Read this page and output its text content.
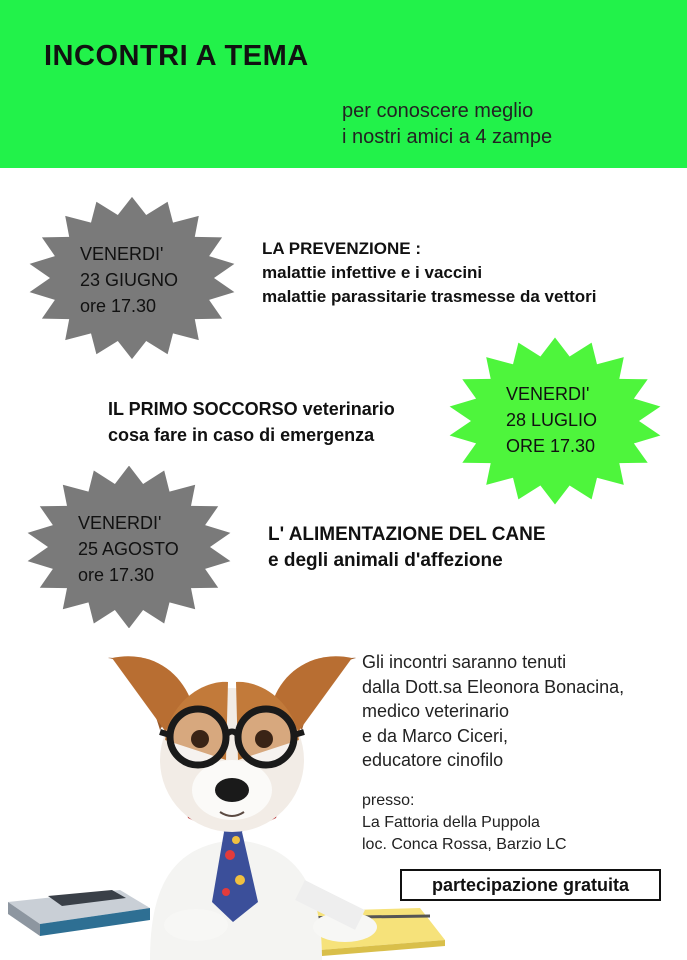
INCONTRI A TEMA
per conoscere meglio
i nostri amici a 4 zampe
VENERDI'
23 GIUGNO
ore 17.30
LA PREVENZIONE :
malattie infettive e i vaccini
malattie parassitarie trasmesse da vettori
IL PRIMO SOCCORSO veterinario
cosa fare in caso di emergenza
VENERDI'
28 LUGLIO
ORE 17.30
VENERDI'
25 AGOSTO
ore 17.30
L' ALIMENTAZIONE DEL CANE
e degli animali d'affezione
Gli incontri saranno tenuti
dalla Dott.sa Eleonora Bonacina,
medico veterinario
e da Marco Ciceri,
educatore cinofilo
presso:
La Fattoria della Puppola
loc. Conca Rossa, Barzio LC
partecipazione gratuita
